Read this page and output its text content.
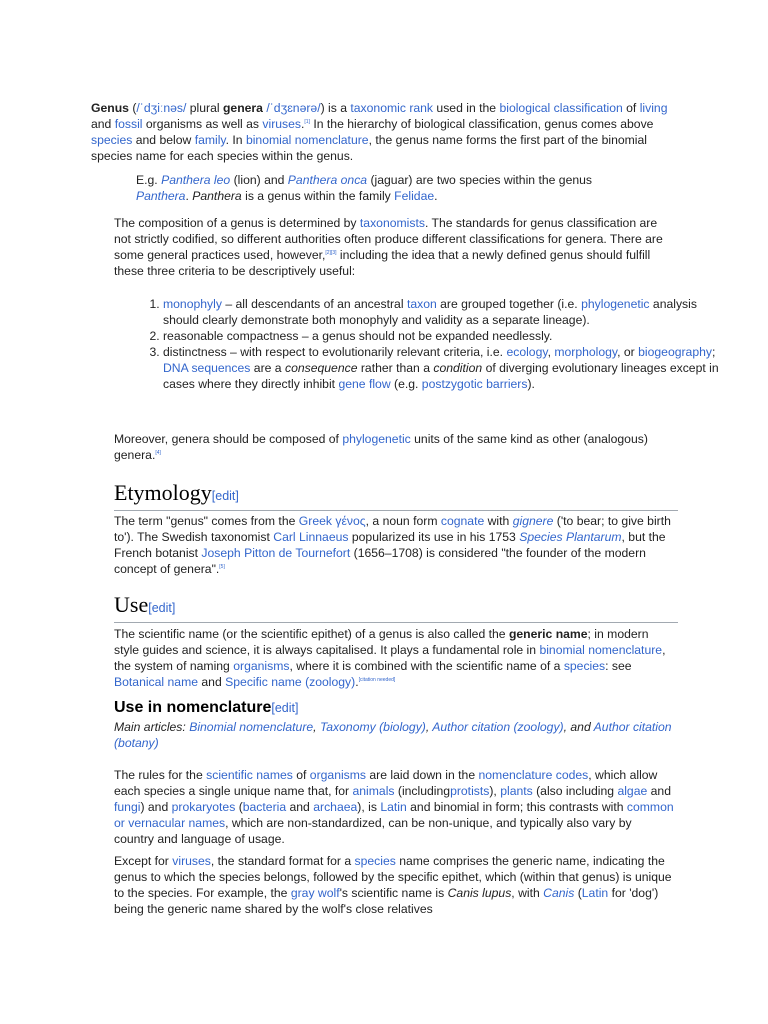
Genus (/ˈdʒiːnəs/ plural genera /ˈdʒɛnərə/) is a taxonomic rank used in the biological classification of living and fossil organisms as well as viruses.[1] In the hierarchy of biological classification, genus comes above species and below family. In binomial nomenclature, the genus name forms the first part of the binomial species name for each species within the genus.

E.g. Panthera leo (lion) and Panthera onca (jaguar) are two species within the genus Panthera. Panthera is a genus within the family Felidae.

The composition of a genus is determined by taxonomists. The standards for genus classification are not strictly codified, so different authorities often produce different classifications for genera. There are some general practices used, however,[2][3] including the idea that a newly defined genus should fulfill these three criteria to be descriptively useful:

1. monophyly – all descendants of an ancestral taxon are grouped together (i.e. phylogenetic analysis should clearly demonstrate both monophyly and validity as a separate lineage).
2. reasonable compactness – a genus should not be expanded needlessly.
3. distinctness – with respect to evolutionarily relevant criteria, i.e. ecology, morphology, or biogeography; DNA sequences are a consequence rather than a condition of diverging evolutionary lineages except in cases where they directly inhibit gene flow (e.g. postzygotic barriers).

Moreover, genera should be composed of phylogenetic units of the same kind as other (analogous) genera.[4]

Etymology[edit]

The term "genus" comes from the Greek γένος, a noun form cognate with gignere ('to bear; to give birth to'). The Swedish taxonomist Carl Linnaeus popularized its use in his 1753 Species Plantarum, but the French botanist Joseph Pitton de Tournefort (1656–1708) is considered "the founder of the modern concept of genera".[5]

Use[edit]

The scientific name (or the scientific epithet) of a genus is also called the generic name; in modern style guides and science, it is always capitalised. It plays a fundamental role in binomial nomenclature, the system of naming organisms, where it is combined with the scientific name of a species: see Botanical name and Specific name (zoology).[citation needed]

Use in nomenclature[edit]

Main articles: Binomial nomenclature, Taxonomy (biology), Author citation (zoology), and Author citation (botany)

The rules for the scientific names of organisms are laid down in the nomenclature codes, which allow each species a single unique name that, for animals (includingprotists), plants (also including algae and fungi) and prokaryotes (bacteria and archaea), is Latin and binomial in form; this contrasts with common or vernacular names, which are non-standardized, can be non-unique, and typically also vary by country and language of usage.

Except for viruses, the standard format for a species name comprises the generic name, indicating the genus to which the species belongs, followed by the specific epithet, which (within that genus) is unique to the species. For example, the gray wolf's scientific name is Canis lupus, with Canis (Latin for 'dog') being the generic name shared by the wolf's close relatives
